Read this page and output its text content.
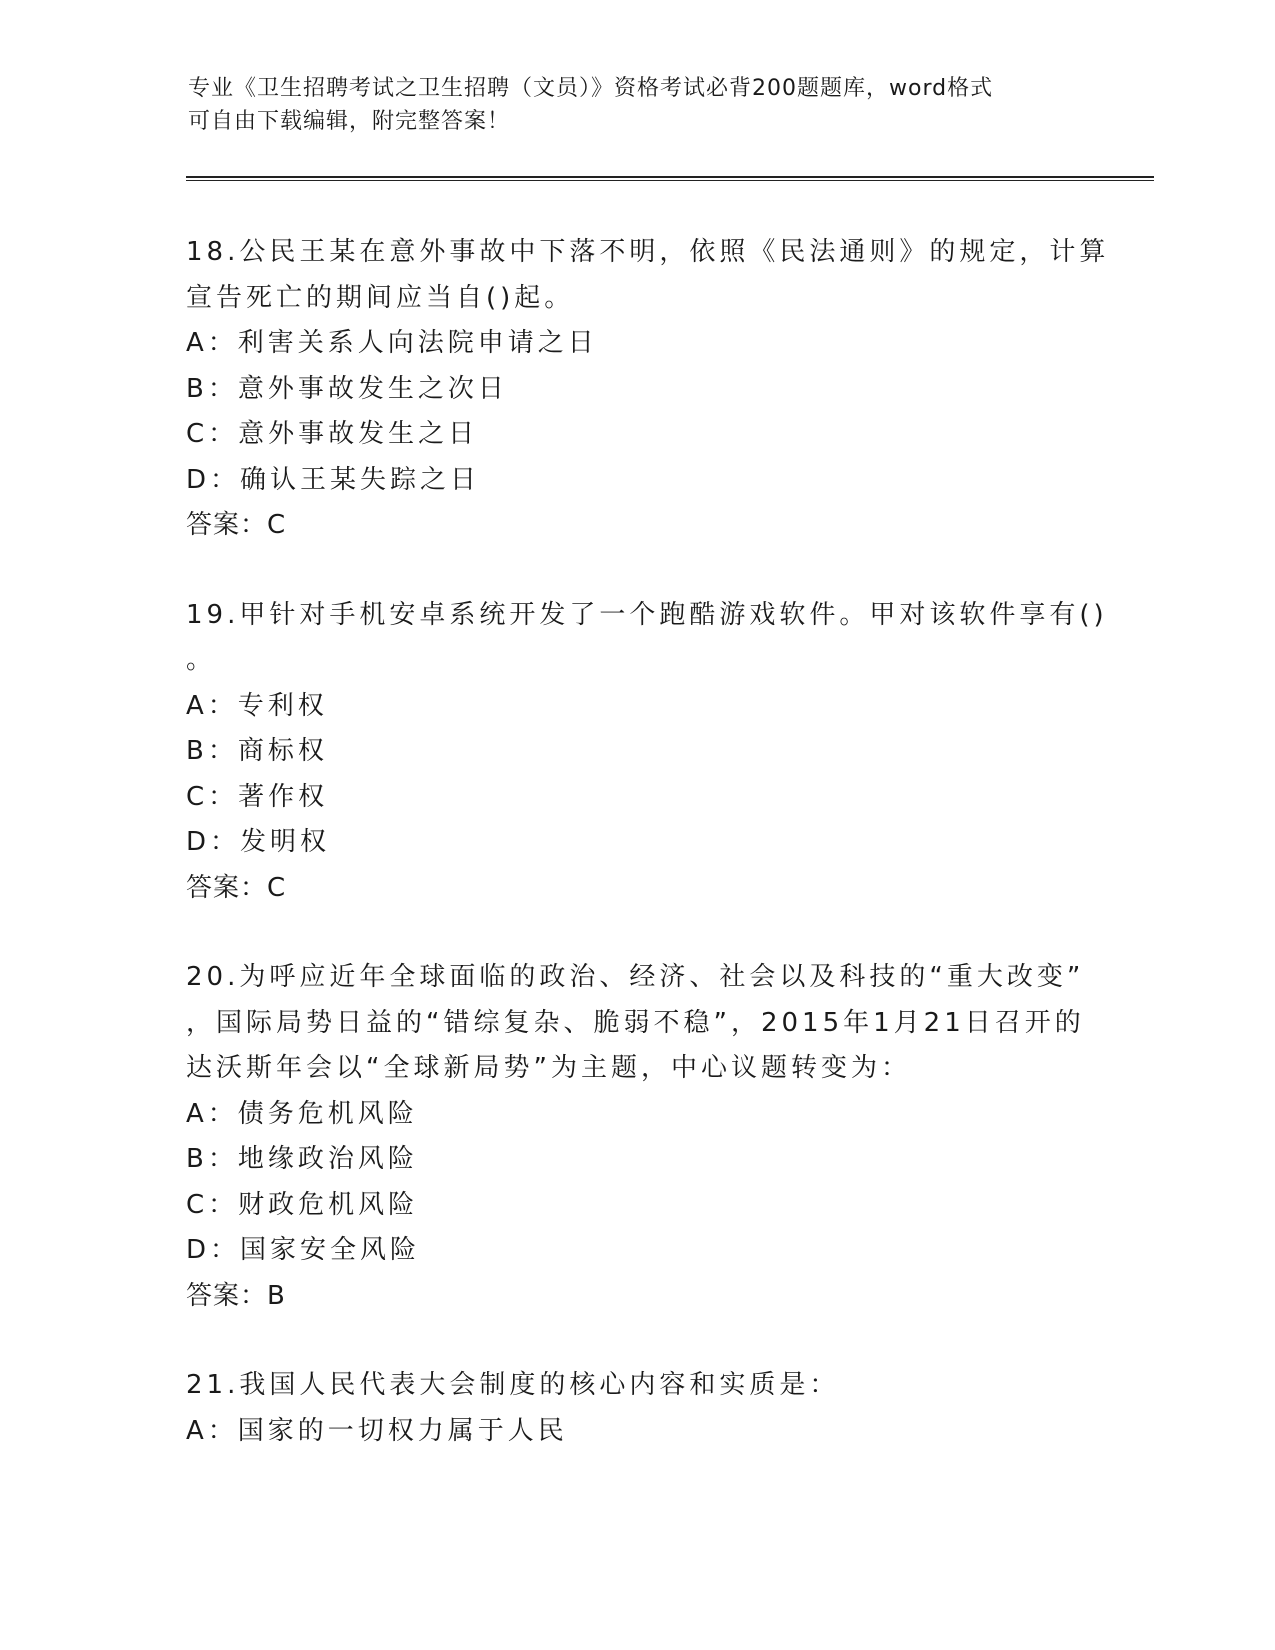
专业《卫生招聘考试之卫生招聘（文员）》资格考试必背200题题库，word格式
可自由下载编辑，附完整答案！
18.公民王某在意外事故中下落不明，依照《民法通则》的规定，计算
宣告死亡的期间应当自()起。
A：利害关系人向法院申请之日
B：意外事故发生之次日
C：意外事故发生之日
D：确认王某失踪之日
答案：C
19.甲针对手机安卓系统开发了一个跑酷游戏软件。甲对该软件享有()
。
A：专利权
B：商标权
C：著作权
D：发明权
答案：C
20.为呼应近年全球面临的政治、经济、社会以及科技的“重大改变”
，国际局势日益的“错综复杂、脆弱不稳”，2015年1月21日召开的
达沃斯年会以“全球新局势”为主题，中心议题转变为：
A：债务危机风险
B：地缘政治风险
C：财政危机风险
D：国家安全风险
答案：B
21.我国人民代表大会制度的核心内容和实质是：
A：国家的一切权力属于人民
